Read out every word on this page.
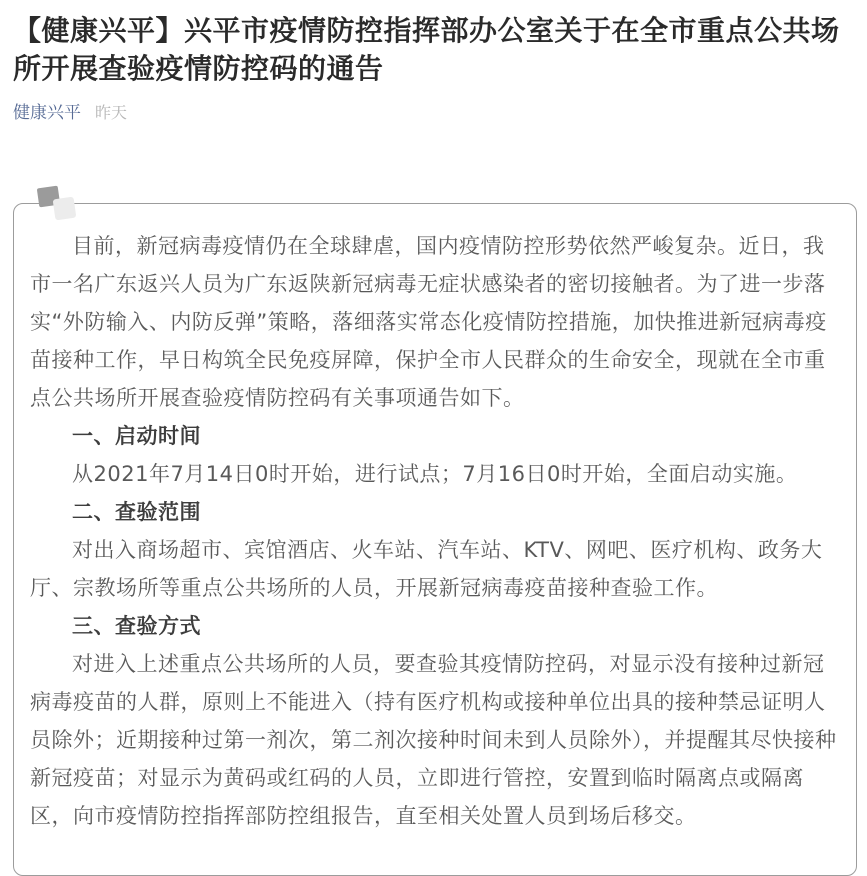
【健康兴平】兴平市疫情防控指挥部办公室关于在全市重点公共场所开展查验疫情防控码的通告
健康兴平 昨天

目前，新冠病毒疫情仍在全球肆虐，国内疫情防控形势依然严峻复杂。近日，我市一名广东返兴人员为广东返陕新冠病毒无症状感染者的密切接触者。为了进一步落实“外防输入、内防反弹”策略，落细落实常态化疫情防控措施，加快推进新冠病毒疫苗接种工作，早日构筑全民免疫屏障，保护全市人民群众的生命安全，现就在全市重点公共场所开展查验疫情防控码有关事项通告如下。

一、启动时间

从2021年7月14日0时开始，进行试点；7月16日0时开始，全面启动实施。

二、查验范围

对出入商场超市、宾馆酒店、火车站、汽车站、KTV、网吧、医疗机构、政务大厅、宗教场所等重点公共场所的人员，开展新冠病毒疫苗接种查验工作。

三、查验方式

对进入上述重点公共场所的人员，要查验其疫情防控码，对显示没有接种过新冠病毒疫苗的人群，原则上不能进入（持有医疗机构或接种单位出具的接种禁忌证明人员除外；近期接种过第一剂次，第二剂次接种时间未到人员除外），并提醒其尽快接种新冠疫苗；对显示为黄码或红码的人员，立即进行管控，安置到临时隔离点或隔离区，向市疫情防控指挥部防控组报告，直至相关处置人员到场后移交。
